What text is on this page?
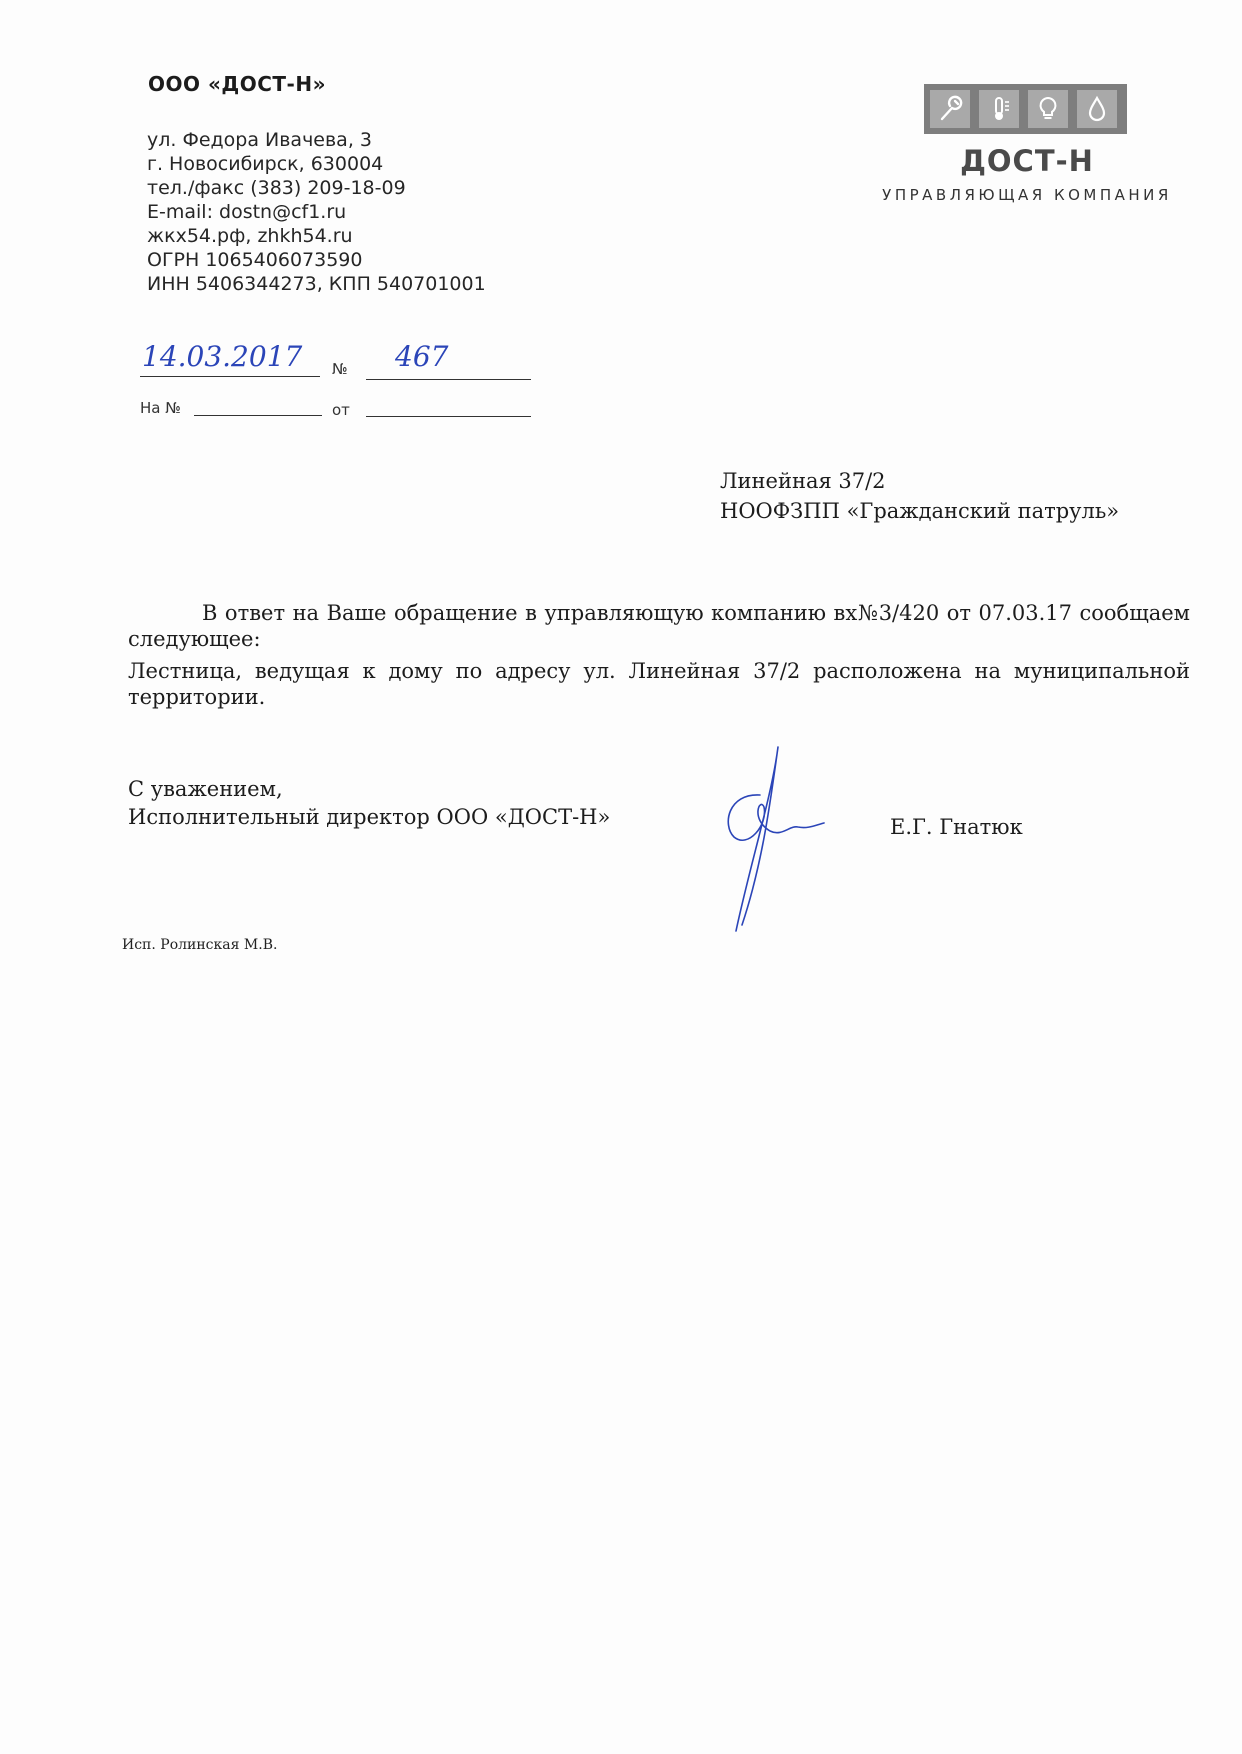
ООО «ДОСТ-Н»
ул. Федора Ивачева, 3
г. Новосибирск, 630004
тел./факс (383) 209-18-09
E-mail: dostn@cf1.ru
жкх54.рф, zhkh54.ru
ОГРН 1065406073590
ИНН 5406344273, КПП 540701001
ДОСТ-Н
УПРАВЛЯЮЩАЯ КОМПАНИЯ
14.03.2017 № 467
На №	от
Линейная 37/2
НООФЗПП «Гражданский патруль»

В ответ на Ваше обращение в управляющую компанию вх№3/420 от 07.03.17 сообщаем следующее:

Лестница, ведущая к дому по адресу ул. Линейная 37/2 расположена на муниципальной территории.

С уважением,
Исполнительный директор ООО «ДОСТ-Н»	Е.Г. Гнатюк
Исп. Ролинская М.В.
